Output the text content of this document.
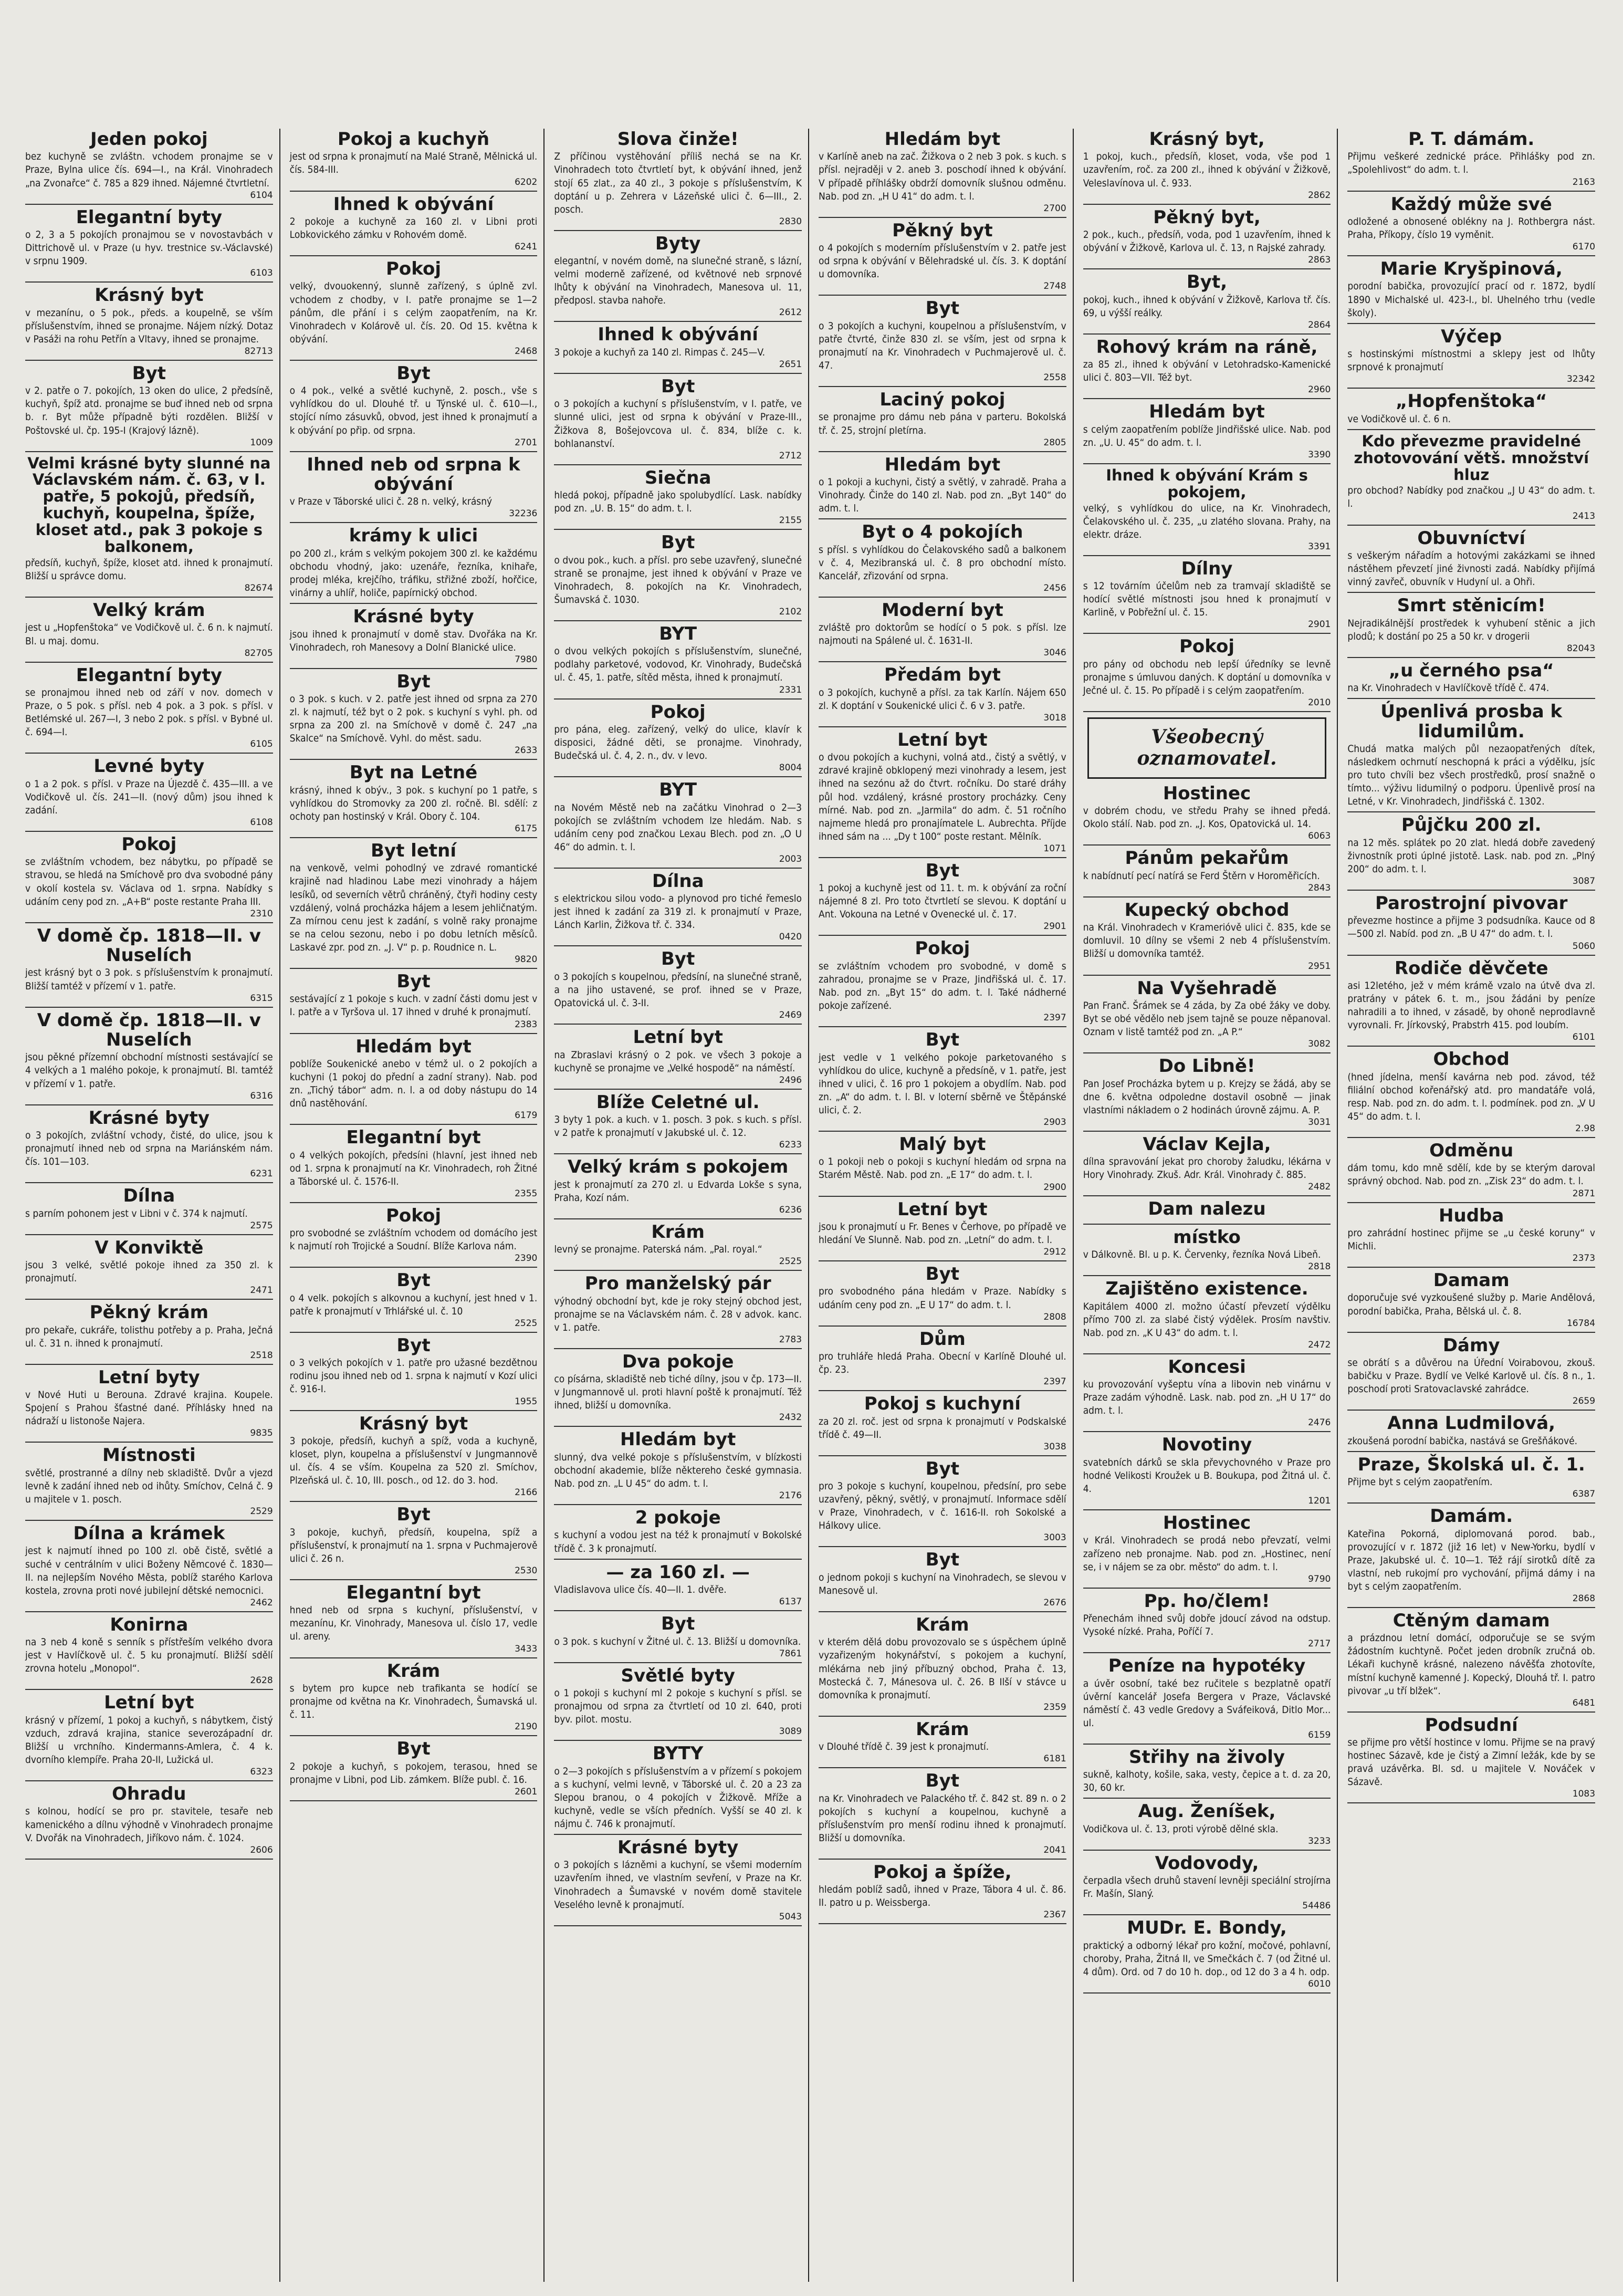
Jeden pokoj

bez kuchyně se zvláštn. vchodem pronajme se v Praze, Bylna ulice čís. 694—I., na Král. Vinohradech „na Zvonařce“ č. 785 a 829 ihned. Nájemné čtvrtletní.

6104

Elegantní byty

o 2, 3 a 5 pokojích pronajmou se v novostavbách v Dittrichově ul. v Praze (u hyv. trestnice sv.-Václavské) v srpnu 1909.

6103

Krásný byt

v mezanínu, o 5 pok., předs. a koupelně, se vším příslušenstvím, ihned se pronajme. Nájem nízký. Dotaz v Pasáži na rohu Petřín a Vltavy, ihned se pronajme.

82713

Byt

v 2. patře o 7. pokojích, 13 oken do ulice, 2 předsíně, kuchyň, špíž atd. pronajme se buď ihned neb od srpna b. r. Byt může případně býti rozdělen. Bližší v Poštovské ul. čp. 195-I (Krajový lázně).

1009

Velmi krásné byty slunné na Václavském nám. č. 63, v I. patře, 5 pokojů, předsíň, kuchyň, koupelna, špíže, kloset atd., pak 3 pokoje s balkonem,

předsíň, kuchyň, špíže, kloset atd. ihned k pronajmutí. Bližší u správce domu.

82674

Velký krám

jest u „Hopfenštoka“ ve Vodičkově ul. č. 6 n. k najmutí. Bl. u maj. domu.

82705

Elegantní byty

se pronajmou ihned neb od září v nov. domech v Praze, o 5 pok. s přísl. neb 4 pok. a 3 pok. s přísl. v Betlémské ul. 267—I, 3 nebo 2 pok. s přísl. v Bybné ul. č. 694—I.

6105

Levné byty

o 1 a 2 pok. s přísl. v Praze na Újezdě č. 435—III. a ve Vodičkově ul. čís. 241—II. (nový dům) jsou ihned k zadání.

6108

Pokoj

se zvláštním vchodem, bez nábytku, po případě se stravou, se hledá na Smíchově pro dva svobodné pány v okolí kostela sv. Václava od 1. srpna. Nabídky s udáním ceny pod zn. „A+B“ poste restante Praha III.

2310

V domě čp. 1818—II. v Nuselích

jest krásný byt o 3 pok. s příslušenstvím k pronajmutí. Bližší tamtéž v přízemí v 1. patře.

6315

V domě čp. 1818—II. v Nuselích

jsou pěkné přízemní obchodní místnosti sestávající se 4 velkých a 1 malého pokoje, k pronajmutí. Bl. tamtéž v přízemí v 1. patře.

6316

Krásné byty

o 3 pokojích, zvláštní vchody, čisté, do ulice, jsou k pronajmutí ihned neb od srpna na Mariánském nám. čís. 101—103.

6231

Dílna

s parním pohonem jest v Libni v č. 374 k najmutí.

2575

V Konviktě

jsou 3 velké, světlé pokoje ihned za 350 zl. k pronajmutí.

2471

Pěkný krám

pro pekaře, cukráře, tolisthu potřeby a p. Praha, Ječná ul. č. 31 n. ihned k pronajmutí.

2518

Letní byty

v Nové Huti u Berouna. Zdravé krajina. Koupele. Spojení s Prahou šťastné dané. Příhlásky hned na nádraží u listonoše Najera.

9835

Místnosti

světlé, prostranné a dílny neb skladiště. Dvůr a vjezd levně k zadání ihned neb od ihůty. Smíchov, Celná č. 9 u majitele v 1. posch.

2529

Dílna a krámek

jest k najmutí ihned po 100 zl. obě čistě, světlé a suché v centrálním v ulici Boženy Němcové č. 1830—II. na nejlepším Nového Města, poblíž starého Karlova kostela, zrovna proti nové jubilejní dětské nemocnici.

2462

Konirna

na 3 neb 4 koně s senník s přístřeším velkého dvora jest v Havlíčkově ul. č. 5 ku pronajmutí. Bližší sdělí zrovna hotelu „Monopol“.

2628

Letní byt

krásný v přízemí, 1 pokoj a kuchyň, s nábytkem, čistý vzduch, zdravá krajina, stanice severozápadní dr. Bližší u vrchního. Kindermanns-Amlera, č. 4 k. dvorního klempíře. Praha 20-II, Lužická ul.

6323

Ohradu

s kolnou, hodící se pro pr. stavitele, tesaře neb kamenického a dílnu výhodně v Vinohradech pronajme V. Dvořák na Vinohradech, Jiříkovo nám. č. 1024.

2606

Pokoj a kuchyň

jest od srpna k pronajmutí na Malé Straně, Mělnická ul. čís. 584-III.

6202

Ihned k obývání

2 pokoje a kuchyně za 160 zl. v Libni proti Lobkovického zámku v Rohovém domě.

6241

Pokoj

velký, dvouokenný, slunně zařízený, s úplně zvl. vchodem z chodby, v I. patře pronajme se 1—2 pánům, dle přání i s celým zaopatřením, na Kr. Vinohradech v Kolárově ul. čís. 20. Od 15. května k obývání.

2468

Byt

o 4 pok., velké a světlé kuchyně, 2. posch., vše s vyhlídkou do ul. Dlouhé tř. u Týnské ul. č. 610—I., stojící nímo zásuvků, obvod, jest ihned k pronajmutí a k obývání po přip. od srpna.

2701

Ihned neb od srpna k obývání

v Praze v Táborské ulici č. 28 n. velký, krásný

32236

krámy k ulici

po 200 zl., krám s velkým pokojem 300 zl. ke každému obchodu vhodný, jako: uzenáře, řezníka, knihaře, prodej mléka, krejčího, tráfiku, střižné zboží, hořčice, vinárny a uhlíř, holiče, papírnický obchod.

Krásné byty

jsou ihned k pronajmutí v domě stav. Dvořáka na Kr. Vinohradech, roh Manesovy a Dolní Blanické ulice.

7980

Byt

o 3 pok. s kuch. v 2. patře jest ihned od srpna za 270 zl. k najmutí, též byt o 2 pok. s kuchyní s vyhl. ph. od srpna za 200 zl. na Smíchově v domě č. 247 „na Skalce“ na Smíchově. Vyhl. do měst. sadu.

2633

Byt na Letné

krásný, ihned k obýv., 3 pok. s kuchyní po 1 patře, s vyhlídkou do Stromovky za 200 zl. ročně. Bl. sdělí: z ochoty pan hostinský v Král. Obory č. 104.

6175

Byt letní

na venkově, velmi pohodlný ve zdravé romantické krajině nad hladinou Labe mezi vinohrady a hájem lesíků, od severních větrů chráněný, čtyři hodiny cesty vzdálený, volná procházka hájem a lesem jehličnatým. Za mírnou cenu jest k zadání, s volně raky pronajme se na celou sezonu, nebo i po dobu letních měsíců. Laskavé zpr. pod zn. „J. V“ p. p. Roudnice n. L.

9820

Byt

sestávající z 1 pokoje s kuch. v zadní části domu jest v I. patře a v Tyršova ul. 17 ihned v druhé k pronajmutí.

2383

Hledám byt

poblíže Soukenické anebo v témž ul. o 2 pokojích a kuchyni (1 pokoj do přední a zadní strany). Nab. pod zn. „Tichý tábor“ adm. n. l. a od doby nástupu do 14 dnů nastěhování.

6179

Elegantní byt

o 4 velkých pokojích, předsíni (hlavní, jest ihned neb od 1. srpna k pronajmutí na Kr. Vinohradech, roh Žitné a Táborské ul. č. 1576-II.

2355

Pokoj

pro svobodné se zvláštním vchodem od domácího jest k najmutí roh Trojické a Soudní. Blíže Karlova nám.

2390

Byt

o 4 velk. pokojích s alkovnou a kuchyní, jest hned v 1. patře k pronajmutí v Trhlářské ul. č. 10

2525

Byt

o 3 velkých pokojích v 1. patře pro užasné bezdětnou rodinu jsou ihned neb od 1. srpna k najmutí v Kozí ulici č. 916-I.

1955

Krásný byt

3 pokoje, předsíň, kuchyň a spíž, voda a kuchyně, kloset, plyn, koupelna a příslušenství v Jungmannově ul. čís. 4 se vším. Koupelna za 520 zl. Smíchov, Plzeňská ul. č. 10, III. posch., od 12. do 3. hod.

2166

Byt

3 pokoje, kuchyň, předsíň, koupelna, spíž a příslušenství, k pronajmutí na 1. srpna v Puchmajerově ulici č. 26 n.

2530

Elegantní byt

hned neb od srpna s kuchyní, příslušenství, v mezanínu, Kr. Vinohrady, Manesova ul. číslo 17, vedle ul. areny.

3433

Krám

s bytem pro kupce neb trafikanta se hodící se pronajme od května na Kr. Vinohradech, Šumavská ul. č. 11.

2190

Byt

2 pokoje a kuchyň, s pokojem, terasou, hned se pronajme v Libni, pod Lib. zámkem. Blíže publ. č. 16.

2601

Slova činže!

Z příčinou vystěhování příliš nechá se na Kr. Vinohradech toto čtvrtletí byt, k obývání ihned, jenž stojí 65 zlat., za 40 zl., 3 pokoje s příslušenstvím, K doptání u p. Zehrera v Lázeňské ulici č. 6—III., 2. posch.

2830

Byty

elegantní, v novém domě, na slunečné straně, s lázní, velmi moderně zařízené, od květnové neb srpnové lhůty k obývání na Vinohradech, Manesova ul. 11, předposl. stavba nahoře.

2612

Ihned k obývání

3 pokoje a kuchyň za 140 zl. Rimpas č. 245—V.

2651

Byt

o 3 pokojích a kuchyní s příslušenstvím, v I. patře, ve slunné ulici, jest od srpna k obývání v Praze-III., Žižkova 8, Bošejovcova ul. č. 834, blíže c. k. bohlananství.

2712

Siečna

hledá pokoj, případně jako spolubydlící. Lask. nabídky pod zn. „U. B. 15“ do adm. t. l.

2155

Byt

o dvou pok., kuch. a přísl. pro sebe uzavřený, slunečné straně se pronajme, jest ihned k obývání v Praze ve Vinohradech, 8. pokojích na Kr. Vinohradech, Šumavská č. 1030.

2102

BYT

o dvou velkých pokojích s příslušenstvím, slunečné, podlahy parketové, vodovod, Kr. Vinohrady, Budečská ul. č. 45, 1. patře, sítěd města, ihned k pronajmutí.

2331

Pokoj

pro pána, eleg. zařízený, velký do ulice, klavír k disposici, žádné děti, se pronajme. Vinohrady, Budečská ul. č. 4, 2. n., dv. v levo.

8004

BYT

na Novém Městě neb na začátku Vinohrad o 2—3 pokojích se zvláštním vchodem lze hledám. Nab. s udáním ceny pod značkou Lexau Blech. pod zn. „O U 46“ do admin. t. l.

2003

Dílna

s elektrickou silou vodo- a plynovod pro tiché řemeslo jest ihned k zadání za 319 zl. k pronajmutí v Praze, Lánch Karlin, Žižkova tř. č. 334.

0420

Byt

o 3 pokojích s koupelnou, předsíní, na slunečné straně, a na jiho ustavené, se prof. ihned se v Praze, Opatovická ul. č. 3-II.

2469

Letní byt

na Zbraslavi krásný o 2 pok. ve všech 3 pokoje a kuchyně se pronajme ve „Velké hospodě“ na náměstí.

2496

Blíže Celetné ul.

3 byty 1 pok. a kuch. v 1. posch. 3 pok. s kuch. s přísl. v 2 patře k pronajmutí v Jakubské ul. č. 12.

6233

Velký krám s pokojem

jest k pronajmutí za 270 zl. u Edvarda Lokše s syna, Praha, Kozí nám.

6236

Krám

levný se pronajme. Paterská nám. „Pal. royal.“

2525

Pro manželský pár

výhodný obchodní byt, kde je roky stejný obchod jest, pronajme se na Václavském nám. č. 28 v advok. kanc. v 1. patře.

2783

Dva pokoje

co písárna, skladiště neb tiché dílny, jsou v čp. 173—II. v Jungmannově ul. proti hlavní poště k pronajmutí. Též ihned, bližší u domovníka.

2432

Hledám byt

slunný, dva velké pokoje s příslušenstvím, v blízkosti obchodní akademie, blíže některeho české gymnasia. Nab. pod zn. „L U 45“ do adm. t. l.

2176

2 pokoje

s kuchyní a vodou jest na též k pronajmutí v Bokolské třídě č. 3 k pronajmutí.

— za 160 zl. —

Vladislavova ulice čís. 40—II. 1. dvěře.

6137

Byt

o 3 pok. s kuchyní v Žitné ul. č. 13. Bližší u domovníka.

7861

Světlé byty

o 1 pokoji s kuchyní ml 2 pokoje s kuchyní s přísl. se pronajmou od srpna za čtvrtletí od 10 zl. 640, proti byv. pilot. mostu.

3089

BYTY

o 2—3 pokojích s příslušenstvím a v přízemí s pokojem a s kuchyní, velmi levně, v Táborské ul. č. 20 a 23 za Slepou branou, o 4 pokojích v Žižkově. Mříže a kuchyně, vedle se vších předních. Vyšší se 40 zl. k nájmu č. 746 k pronajmutí.

Krásné byty

o 3 pokojích s lázněmi a kuchyní, se všemi moderním uzavřením ihned, ve vlastním sevření, v Praze na Kr. Vinohradech a Šumavské v novém domě stavitele Veselého levně k pronajmutí.

5043

Hledám byt

v Karlíně aneb na zač. Žižkova o 2 neb 3 pok. s kuch. s přísl. nejraději v 2. aneb 3. poschodí ihned k obývání. V případě příhlášky obdrží domovník slušnou odměnu. Nab. pod zn. „H U 41“ do adm. t. l.

2700

Pěkný byt

o 4 pokojích s moderním příslušenstvím v 2. patře jest od srpna k obývání v Bělehradské ul. čís. 3. K doptání u domovníka.

2748

Byt

o 3 pokojích a kuchyni, koupelnou a příslušenstvím, v patře čtvrté, činže 830 zl. se vším, jest od srpna k pronajmutí na Kr. Vinohradech v Puchmajerově ul. č. 47.

2558

Laciný pokoj

se pronajme pro dámu neb pána v parteru. Bokolská tř. č. 25, strojní pletírna.

2805

Hledám byt

o 1 pokoji a kuchyni, čistý a světlý, v zahradě. Praha a Vinohrady. Činže do 140 zl. Nab. pod zn. „Byt 140“ do adm. t. l.

Byt o 4 pokojích

s přísl. s vyhlídkou do Čelakovského sadů a balkonem v č. 4, Mezibranská ul. č. 8 pro obchodní místo. Kancelář, zřizování od srpna.

2456

Moderní byt

zvláště pro doktorům se hodící o 5 pok. s přísl. lze najmouti na Spálené ul. č. 1631-II.

3046

Předám byt

o 3 pokojích, kuchyně a přísl. za tak Karlín. Nájem 650 zl. K doptání v Soukenické ulici č. 6 v 3. patře.

3018

Letní byt

o dvou pokojích a kuchyni, volná atd., čistý a světlý, v zdravé krajině obklopený mezi vinohrady a lesem, jest ihned na sezónu až do čtvrt. ročníku. Do staré dráhy půl hod. vzdálený, krásné prostory procházky. Ceny mírné. Nab. pod zn. „Jarmila“ do adm. č. 51 ročního najmeme hledá pro pronajímatele L. Aubrechta. Příjde ihned sám na ... „Dy t 100“ poste restant. Mělník.

1071

Byt

1 pokoj a kuchyně jest od 11. t. m. k obývání za roční nájemné 8 zl. Pro toto čtvrtletí se slevou. K doptání u Ant. Vokouna na Letné v Ovenecké ul. č. 17.

2901

Pokoj

se zvláštním vchodem pro svobodné, v domě s zahradou, pronajme se v Praze, Jindřišská ul. č. 17. Nab. pod zn. „Byt 15“ do adm. t. l. Také nádherné pokoje zařízené.

2397

Byt

jest vedle v 1 velkého pokoje parketovaného s vyhlídkou do ulice, kuchyně a předsíně, v 1. patře, jest ihned v ulici, č. 16 pro 1 pokojem a obydlím. Nab. pod zn. „A“ do adm. t. l. Bl. v loterní sběrně ve Štěpánské ulici, č. 2.

2903

Malý byt

o 1 pokoji neb o pokoji s kuchyní hledám od srpna na Starém Městě. Nab. pod zn. „E 17“ do adm. t. l.

2900

Letní byt

jsou k pronajmutí u Fr. Benes v Čerhove, po případě ve hledání Ve Slunně. Nab. pod zn. „Letní“ do adm. t. l.

2912

Byt

pro svobodného pána hledám v Praze. Nabídky s udáním ceny pod zn. „E U 17“ do adm. t. l.

2808

Dům

pro truhláře hledá Praha. Obecní v Karlíně Dlouhé ul. čp. 23.

2397

Pokoj s kuchyní

za 20 zl. roč. jest od srpna k pronajmutí v Podskalské třídě č. 49—II.

3038

Byt

pro 3 pokoje s kuchyní, koupelnou, předsíní, pro sebe uzavřený, pěkný, světlý, v pronajmutí. Informace sdělí v Praze, Vinohradech, v č. 1616-II. roh Sokolské a Hálkovy ulice.

3003

Byt

o jednom pokoji s kuchyní na Vinohradech, se slevou v Manesově ul.

2676

Krám

v kterém dělá dobu provozovalo se s úspěchem úplně vyzařizeným hokynářství, s pokojem a kuchyní, mlékárna neb jiný příbuzný obchod, Praha č. 13, Mostecká č. 7, Mánesova ul. č. 26. B Ilší v stávce u domovníka k pronajmutí.

2359

Krám

v Dlouhé třídě č. 39 jest k pronajmutí.

6181

Byt

na Kr. Vinohradech ve Palackého tř. č. 842 st. 89 n. o 2 pokojích s kuchyní a koupelnou, kuchyně a příslušenstvím pro menší rodinu ihned k pronajmutí. Bližší u domovníka.

2041

Pokoj a špíže,

hledám poblíž sadů, ihned v Praze, Tábora 4 ul. č. 86. II. patro u p. Weissberga.

2367

Krásný byt,

1 pokoj, kuch., předsíň, kloset, voda, vše pod 1 uzavřením, roč. za 200 zl., ihned k obývání v Žižkově, Veleslavínova ul. č. 933.

2862

Pěkný byt,

2 pok., kuch., předsíň, voda, pod 1 uzavřením, ihned k obývání v Žižkově, Karlova ul. č. 13, n Rajské zahrady.

2863

Byt,

pokoj, kuch., ihned k obývání v Žižkově, Karlova tř. čís. 69, u výšší reálky.

2864

Rohový krám na ráně,

za 85 zl., ihned k obývání v Letohradsko-Kamenické ulici č. 803—VII. Též byt.

2960

Hledám byt

s celým zaopatřením poblíže Jindřišské ulice. Nab. pod zn. „U. U. 45“ do adm. t. l.

3390

Ihned k obývání Krám s pokojem,

velký, s vyhlídkou do ulice, na Kr. Vinohradech, Čelakovského ul. č. 235, „u zlatého slovana. Prahy, na elektr. dráze.

3391

Dílny

s 12 továrním účelům neb za tramvají skladiště se hodící světlé místnosti jsou hned k pronajmutí v Karlině, v Pobřežní ul. č. 15.

2901

Pokoj

pro pány od obchodu neb lepší úředníky se levně pronajme s úmluvou daných. K doptání u domovníka v Ječné ul. č. 15. Po případě i s celým zaopatřením.

2010

Všeobecný oznamovatel.
Hostinec

v dobrém chodu, ve středu Prahy se ihned předá. Okolo stálí. Nab. pod zn. „J. Kos, Opatovická ul. 14.

6063

Pánům pekařům

k nabídnutí pecí natírá se Ferd Štěrn v Horoměřicích.

2843

Kupecký obchod

na Král. Vinohradech v Kramerióvě ulici č. 835, kde se domluvil. 10 dílny se všemi 2 neb 4 příslušenstvím. Bližší u domovníka tamtéž.

2951

Na Vyšehradě

Pan Franč. Šrámek se 4 záda, by Za obé žáky ve doby. Byt se obé vědělo neb jsem tajně se pouze něpanoval. Oznam v listě tamtéž pod zn. „A P.“

3082

Do Libně!

Pan Josef Procházka bytem u p. Krejzy se žádá, aby se dne 6. května odpoledne dostavil osobně — jinak vlastními nákladem o 2 hodinách úrovně zájmu. A. P.

3031

Václav Kejla,

dílna spravování jekat pro choroby žaludku, lékárna v Hory Vinohrady. Zkuš. Adr. Král. Vinohrady č. 885.

2482

Dam nalezu
místko

v Dálkovně. Bl. u p. K. Červenky, řezníka Nová Libeň.

2818

Zajištěno existence.

Kapitálem 4000 zl. možno účastí převzetí výdělku přímo 700 zl. za slabé čistý výdělek. Prosím navštiv. Nab. pod zn. „K U 43“ do adm. t. l.

2472

Koncesi

ku provozování vyšeptu vína a libovin neb vinárnu v Praze zadám výhodně. Lask. nab. pod zn. „H U 17“ do adm. t. l.

2476

Novotiny

svatebních dárků se skla převychovného v Praze pro hodné Velikosti Kroužek u B. Boukupa, pod Žitná ul. č. 4.

1201

Hostinec

v Král. Vinohradech se prodá nebo převzatí, velmi zařízeno neb pronajme. Nab. pod zn. „Hostinec, není se, i v nájem se za obr. město“ do adm. t. l.

9790

Pp. ho/člem!

Přenechám ihned svůj dobře jdoucí závod na odstup. Vysoké nízké. Praha, Poříčí 7.

2717

Peníze na hypotéky

a úvěr osobní, také bez ručitele s bezplatně opatří úvěrní kancelář Josefa Bergera v Praze, Václavské náměstí č. 43 vedle Gredovy a Sváfeiková, Ditlo Mor... ul.

6159

Střihy na živoly

sukně, kalhoty, košile, saka, vesty, čepice a t. d. za 20, 30, 60 kr.

Aug. Ženíšek,

Vodičkova ul. č. 13, proti výrobě dělné skla.

3233

Vodovody,

čerpadla všech druhů stavení levněji speciální strojírna Fr. Mašín, Slaný.

54486

MUDr. E. Bondy,

praktický a odborný lékař pro kožní, močové, pohlavní, choroby, Praha, Žitná II, ve Smečkách č. 7 (od Žitné ul. 4 dům). Ord. od 7 do 10 h. dop., od 12 do 3 a 4 h. odp.

6010

P. T. dámám.

Přijmu veškeré zednické práce. Přihlášky pod zn. „Spolehlivost“ do adm. t. l.

2163

Každý může své

odložené a obnosené oblékny na J. Rothbergra nást. Praha, Příkopy, číslo 19 vyměnit.

6170

Marie Kryšpinová,

porodní babička, provozující prací od r. 1872, bydlí 1890 v Michalské ul. 423-I., bl. Uhelného trhu (vedle školy).

Výčep

s hostinskými místnostmi a sklepy jest od lhůty srpnové k pronajmutí

32342

„Hopfenštoka“

ve Vodičkově ul. č. 6 n.

Kdo převezme pravidelné zhotovování větš. množství hluz

pro obchod? Nabídky pod značkou „J U 43“ do adm. t. l.

2413

Obuvníctví

s veškerým nářadím a hotovými zakázkami se ihned nástěhem převzetí jiné živnosti zadá. Nabídky přijímá vinný zavřeč, obuvník v Hudyní ul. a Ohři.

Smrt stěnicím!

Nejradikálnější prostředek k vyhubení stěnic a jich plodů; k dostání po 25 a 50 kr. v drogerii

82043

„u černého psa“

na Kr. Vinohradech v Havlíčkově třídě č. 474.

Úpenlivá prosba k lidumilům.

Chudá matka malých půl nezaopatřených dítek, následkem ochrnutí neschopná k práci a výdělku, jsíc pro tuto chvíli bez všech prostředků, prosí snažně o tímto... výživu lidumilný o podporu. Úpenlivě prosí na Letné, v Kr. Vinohradech, Jindřišská č. 1302.

Půjčku 200 zl.

na 12 měs. splátek po 20 zlat. hledá dobře zavedený živnostník proti úplné jistotě. Lask. nab. pod zn. „Plný 200“ do adm. t. l.

3087

Parostrojní pivovar

převezme hostince a přijme 3 podsudníka. Kauce od 8—500 zl. Nabíd. pod zn. „B U 47“ do adm. t. l.

5060

Rodiče děvčete

asi 12letého, jež v mém krámě vzalo na útvě dva zl. pratrány v pátek 6. t. m., jsou žádáni by peníze nahradili a to ihned, v zásadě, by ohoně neprodlavně vyrovnali. Fr. Jírkovský, Prabstrh 415. pod loubím.

6101

Obchod

(hned jídelna, menší kavárna neb pod. závod, též filiální obchod kořenářský atd. pro mandatáře volá, resp. Nab. pod zn. do adm. t. l. podmínek. pod zn. „V U 45“ do adm. t. l.

2.98

Odměnu

dám tomu, kdo mně sdělí, kde by se kterým daroval správný obchod. Nab. pod zn. „Zisk 23“ do adm. t. l.

2871

Hudba

pro zahrádní hostinec přijme se „u české koruny“ v Michli.

2373

Damam

doporučuje své vyzkoušené služby p. Marie Andělová, porodní babička, Praha, Bělská ul. č. 8.

16784

Dámy

se obrátí s a důvěrou na Úřední Voirabovou, zkouš. babičku v Praze. Bydlí ve Velké Karlově ul. čís. 8 n., 1. poschodí proti Sratovaclavské zahrádce.

2659

Anna Ludmilová,

zkoušená porodní babička, nastává se Grešňákové.

Praze, Školská ul. č. 1.

Přijme byt s celým zaopatřením.

6387

Damám.

Kateřina Pokorná, diplomovaná porod. bab., provozující v r. 1872 (již 16 let) v New-Yorku, bydlí v Praze, Jakubské ul. č. 10—1. Též rájí sirotků dítě za vlastní, neb rukojmí pro vychování, přijmá dámy i na byt s celým zaopatřením.

2868

Ctěným damam

a prázdnou letní domácí, odporučuje se se svým žádostním kuchtyně. Počet jeden drobník zručná ob. Lékaři kuchyně krásné, nalezeno návěšťa zhotovíte, místní kuchyně kamenné J. Kopecký, Dlouhá tř. I. patro pivovar „u tří blžek“.

6481

Podsudní

se přijme pro větší hostince v lomu. Přijme se na pravý hostinec Sázavě, kde je čistý a Zimní ležák, kde by se pravá uzávěrka. Bl. sd. u majitele V. Nováček v Sázavě.

1083
